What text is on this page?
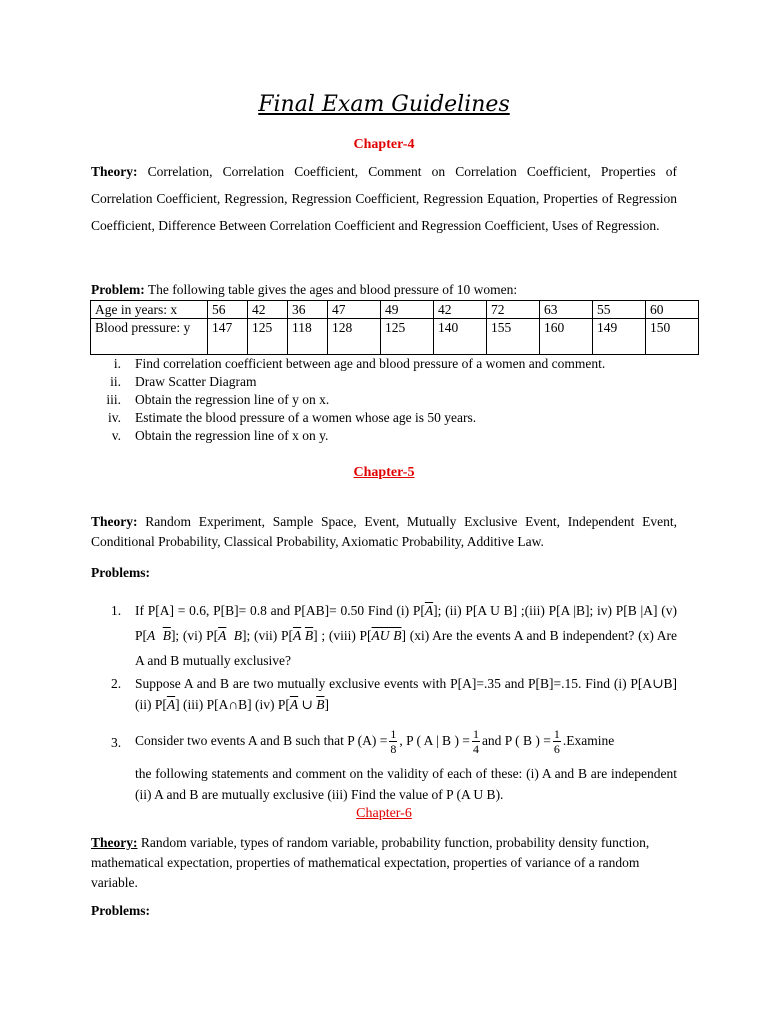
Final Exam Guidelines
Chapter-4
Theory: Correlation, Correlation Coefficient, Comment on Correlation Coefficient, Properties of Correlation Coefficient, Regression, Regression Coefficient, Regression Equation, Properties of Regression Coefficient, Difference Between Correlation Coefficient and Regression Coefficient, Uses of Regression.
Problem: The following table gives the ages and blood pressure of 10 women:
Age in years: x	56	42	36	47	49	42	72	63	55	60
Blood pressure: y	147	125	118	128	125	140	155	160	149	150
i. Find correlation coefficient between age and blood pressure of a women and comment.
ii. Draw Scatter Diagram
iii. Obtain the regression line of y on x.
iv. Estimate the blood pressure of a women whose age is 50 years.
v. Obtain the regression line of x on y.
Chapter-5
Theory: Random Experiment, Sample Space, Event, Mutually Exclusive Event, Independent Event, Conditional Probability, Classical Probability, Axiomatic Probability, Additive Law.
Problems:
1. If P[A] = 0.6, P[B]= 0.8 and P[AB]= 0.50 Find (i) $P[\overline{A}]$; (ii) P[A U B] ;(iii) P[A |B]; iv) P[B |A] (v) P[A $\overline{B}$]; (vi) $P[\overline{A}$ B]; (vii) $P[\overline{A}$ $\overline{B}$] ; (viii) P[AU B] (xi) Are the events A and B independent? (x) Are A and B mutually exclusive?
2. Suppose A and B are two mutually exclusive events with P[A]=.35 and P[B]=.15. Find (i) P[A∪B] (ii) $P[\overline{A}]$ (iii) P[A∩B] (iv) $P[\overline{A}$ ∪ $\overline{B}$]
3. Consider two events A and B such that P $(A) = \frac{1}{8}$ , P ( A | B ) = $\frac{1}{4}$ and P ( B ) = $\frac{1}{6} .Examine$
the following statements and comment on the validity of each of these: (i) A and B are independent (ii) A and B are mutually exclusive (iii) Find the value of P (A U B).
Chapter-6
Theory: Random variable, types of random variable, probability function, probability density function, mathematical expectation, properties of mathematical expectation, properties of variance of a random variable.
Problems:
